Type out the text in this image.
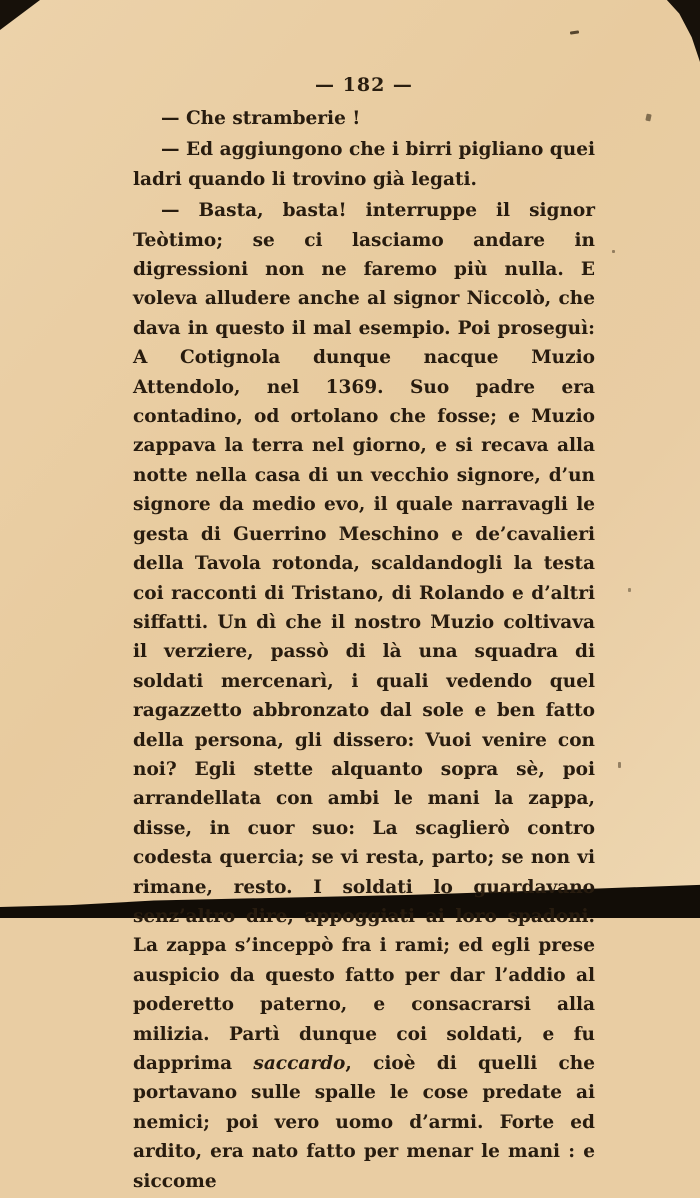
— 182 —

— Che stramberie !

— Ed aggiungono che i birri pigliano quei ladri quando li trovino già legati.

— Basta, basta! interruppe il signor Teòtimo; se ci lasciamo andare in digressioni non ne faremo più nulla. E voleva alludere anche al signor Niccolò, che dava in questo il mal esempio. Poi proseguì: A Cotignola dunque nacque Muzio Attendolo, nel 1369. Suo padre era contadino, od ortolano che fosse; e Muzio zappava la terra nel giorno, e si recava alla notte nella casa di un vecchio signore, d’un signore da medio evo, il quale narravagli le gesta di Guerrino Meschino e de’cavalieri della Tavola rotonda, scaldandogli la testa coi racconti di Tristano, di Rolando e d’altri siffatti. Un dì che il nostro Muzio coltivava il verziere, passò di là una squadra di soldati mercenarì, i quali vedendo quel ragazzetto abbronzato dal sole e ben fatto della persona, gli dissero: Vuoi venire con noi? Egli stette alquanto sopra sè, poi arrandellata con ambi le mani la zappa, disse, in cuor suo: La scaglierò contro codesta quercia; se vi resta, parto; se non vi rimane, resto. I soldati lo guardavano senz’altro dire, appoggiati ai loro spadoni. La zappa s’inceppò fra i rami; ed egli prese auspicio da questo fatto per dar l’addio al poderetto paterno, e consacrarsi alla milizia. Partì dunque coi soldati, e fu dapprima saccardo, cioè di quelli che portavano sulle spalle le cose predate ai nemici; poi vero uomo d’armi. Forte ed ardito, era nato fatto per menar le mani : e siccome
